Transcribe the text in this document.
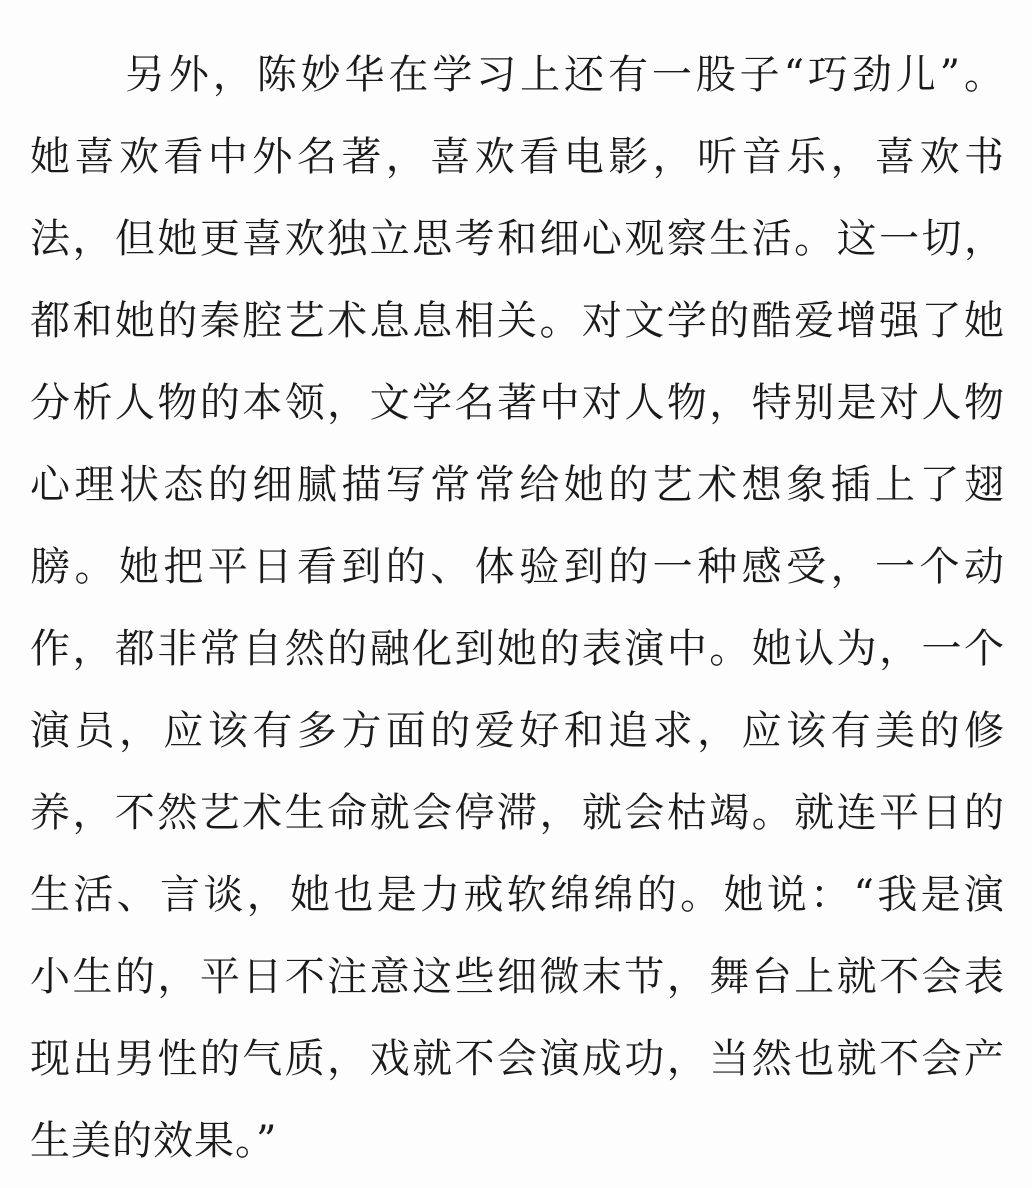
另外，陈妙华在学习上还有一股子“巧劲儿”。
她喜欢看中外名著，喜欢看电影，听音乐，喜欢书
法，但她更喜欢独立思考和细心观察生活。这一切，
都和她的秦腔艺术息息相关。对文学的酷爱增强了她
分析人物的本领，文学名著中对人物，特别是对人物
心理状态的细腻描写常常给她的艺术想象插上了翅
膀。她把平日看到的、体验到的一种感受，一个动
作，都非常自然的融化到她的表演中。她认为，一个
演员，应该有多方面的爱好和追求，应该有美的修
养，不然艺术生命就会停滞，就会枯竭。就连平日的
生活、言谈，她也是力戒软绵绵的。她说：“我是演
小生的，平日不注意这些细微末节，舞台上就不会表
现出男性的气质，戏就不会演成功，当然也就不会产
生美的效果。”
